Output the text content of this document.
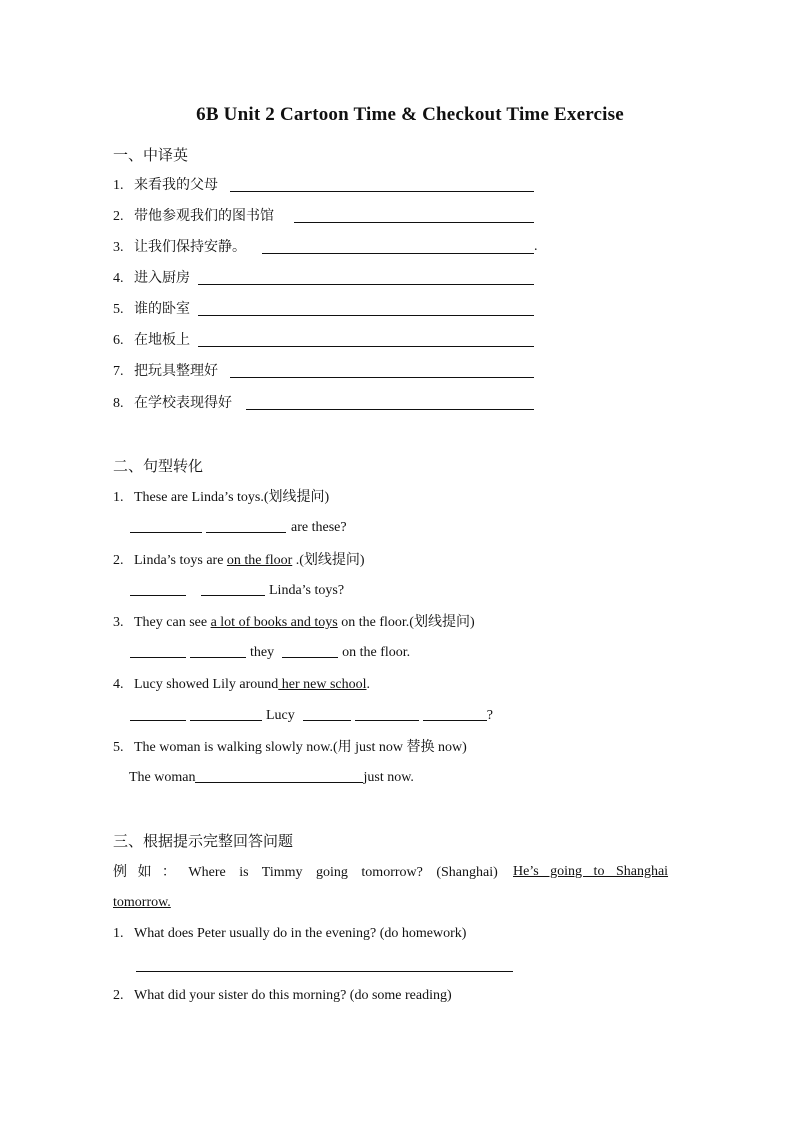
6B Unit 2 Cartoon Time & Checkout Time Exercise
一、中译英
1. 来看我的父母
2. 带他参观我们的图书馆
3. 让我们保持安静。	.
4. 进入厨房
5. 谁的卧室
6. 在地板上
7. 把玩具整理好
8. 在学校表现得好
二、句型转化
1. These are Linda’s toys.(划线提问)
are these?
2. Linda’s toys are on the floor .(划线提问)
Linda’s toys?
3. They can see a lot of books and toys on the floor.(划线提问)
they	on the floor.
4. Lucy showed Lily around her new school.
Lucy	?
5. The woman is walking slowly now.(用 just now 替换 now)
The woman	just now.
三、根据提示完整回答问题
例 如 ： Where is Timmy going tomorrow? (Shanghai) He’s going to Shanghai
tomorrow.
1. What does Peter usually do in the evening? (do homework)
2. What did your sister do this morning? (do some reading)
